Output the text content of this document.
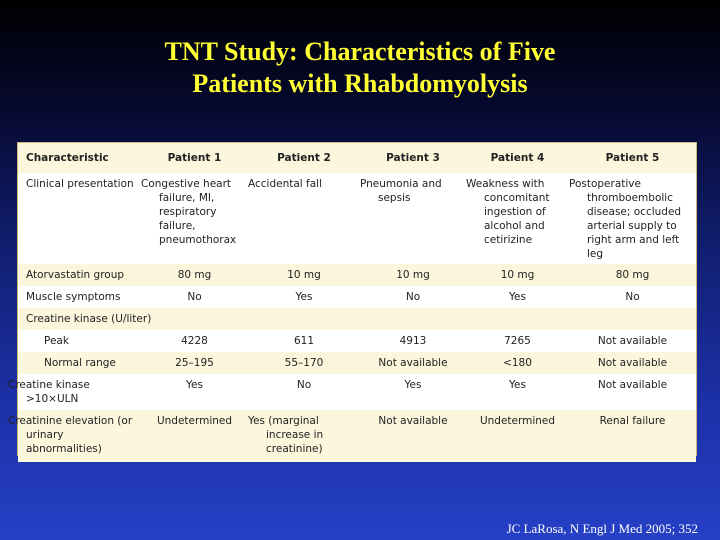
TNT Study: Characteristics of Five
Patients with Rhabdomyolysis
Characteristic	Patient 1	Patient 2	Patient 3	Patient 4	Patient 5
Clinical presentation	Congestive heart failure, MI, respiratory failure, pneumothorax	Accidental fall	Pneumonia and sepsis	Weakness with concomitant ingestion of alcohol and cetirizine	Postoperative thromboembolic disease; occluded arterial supply to right arm and left leg
Atorvastatin group	80 mg	10 mg	10 mg	10 mg	80 mg
Muscle symptoms	No	Yes	No	Yes	No
Creatine kinase (U/liter)					
Peak	4228	611	4913	7265	Not available
Normal range	25–195	55–170	Not available	<180	Not available
Creatine kinase >10×ULN	Yes	No	Yes	Yes	Not available
Creatinine elevation (or urinary abnormalities)	Undetermined	Yes (marginal increase in creatinine)	Not available	Undetermined	Renal failure
JC LaRosa, N Engl J Med 2005; 352
